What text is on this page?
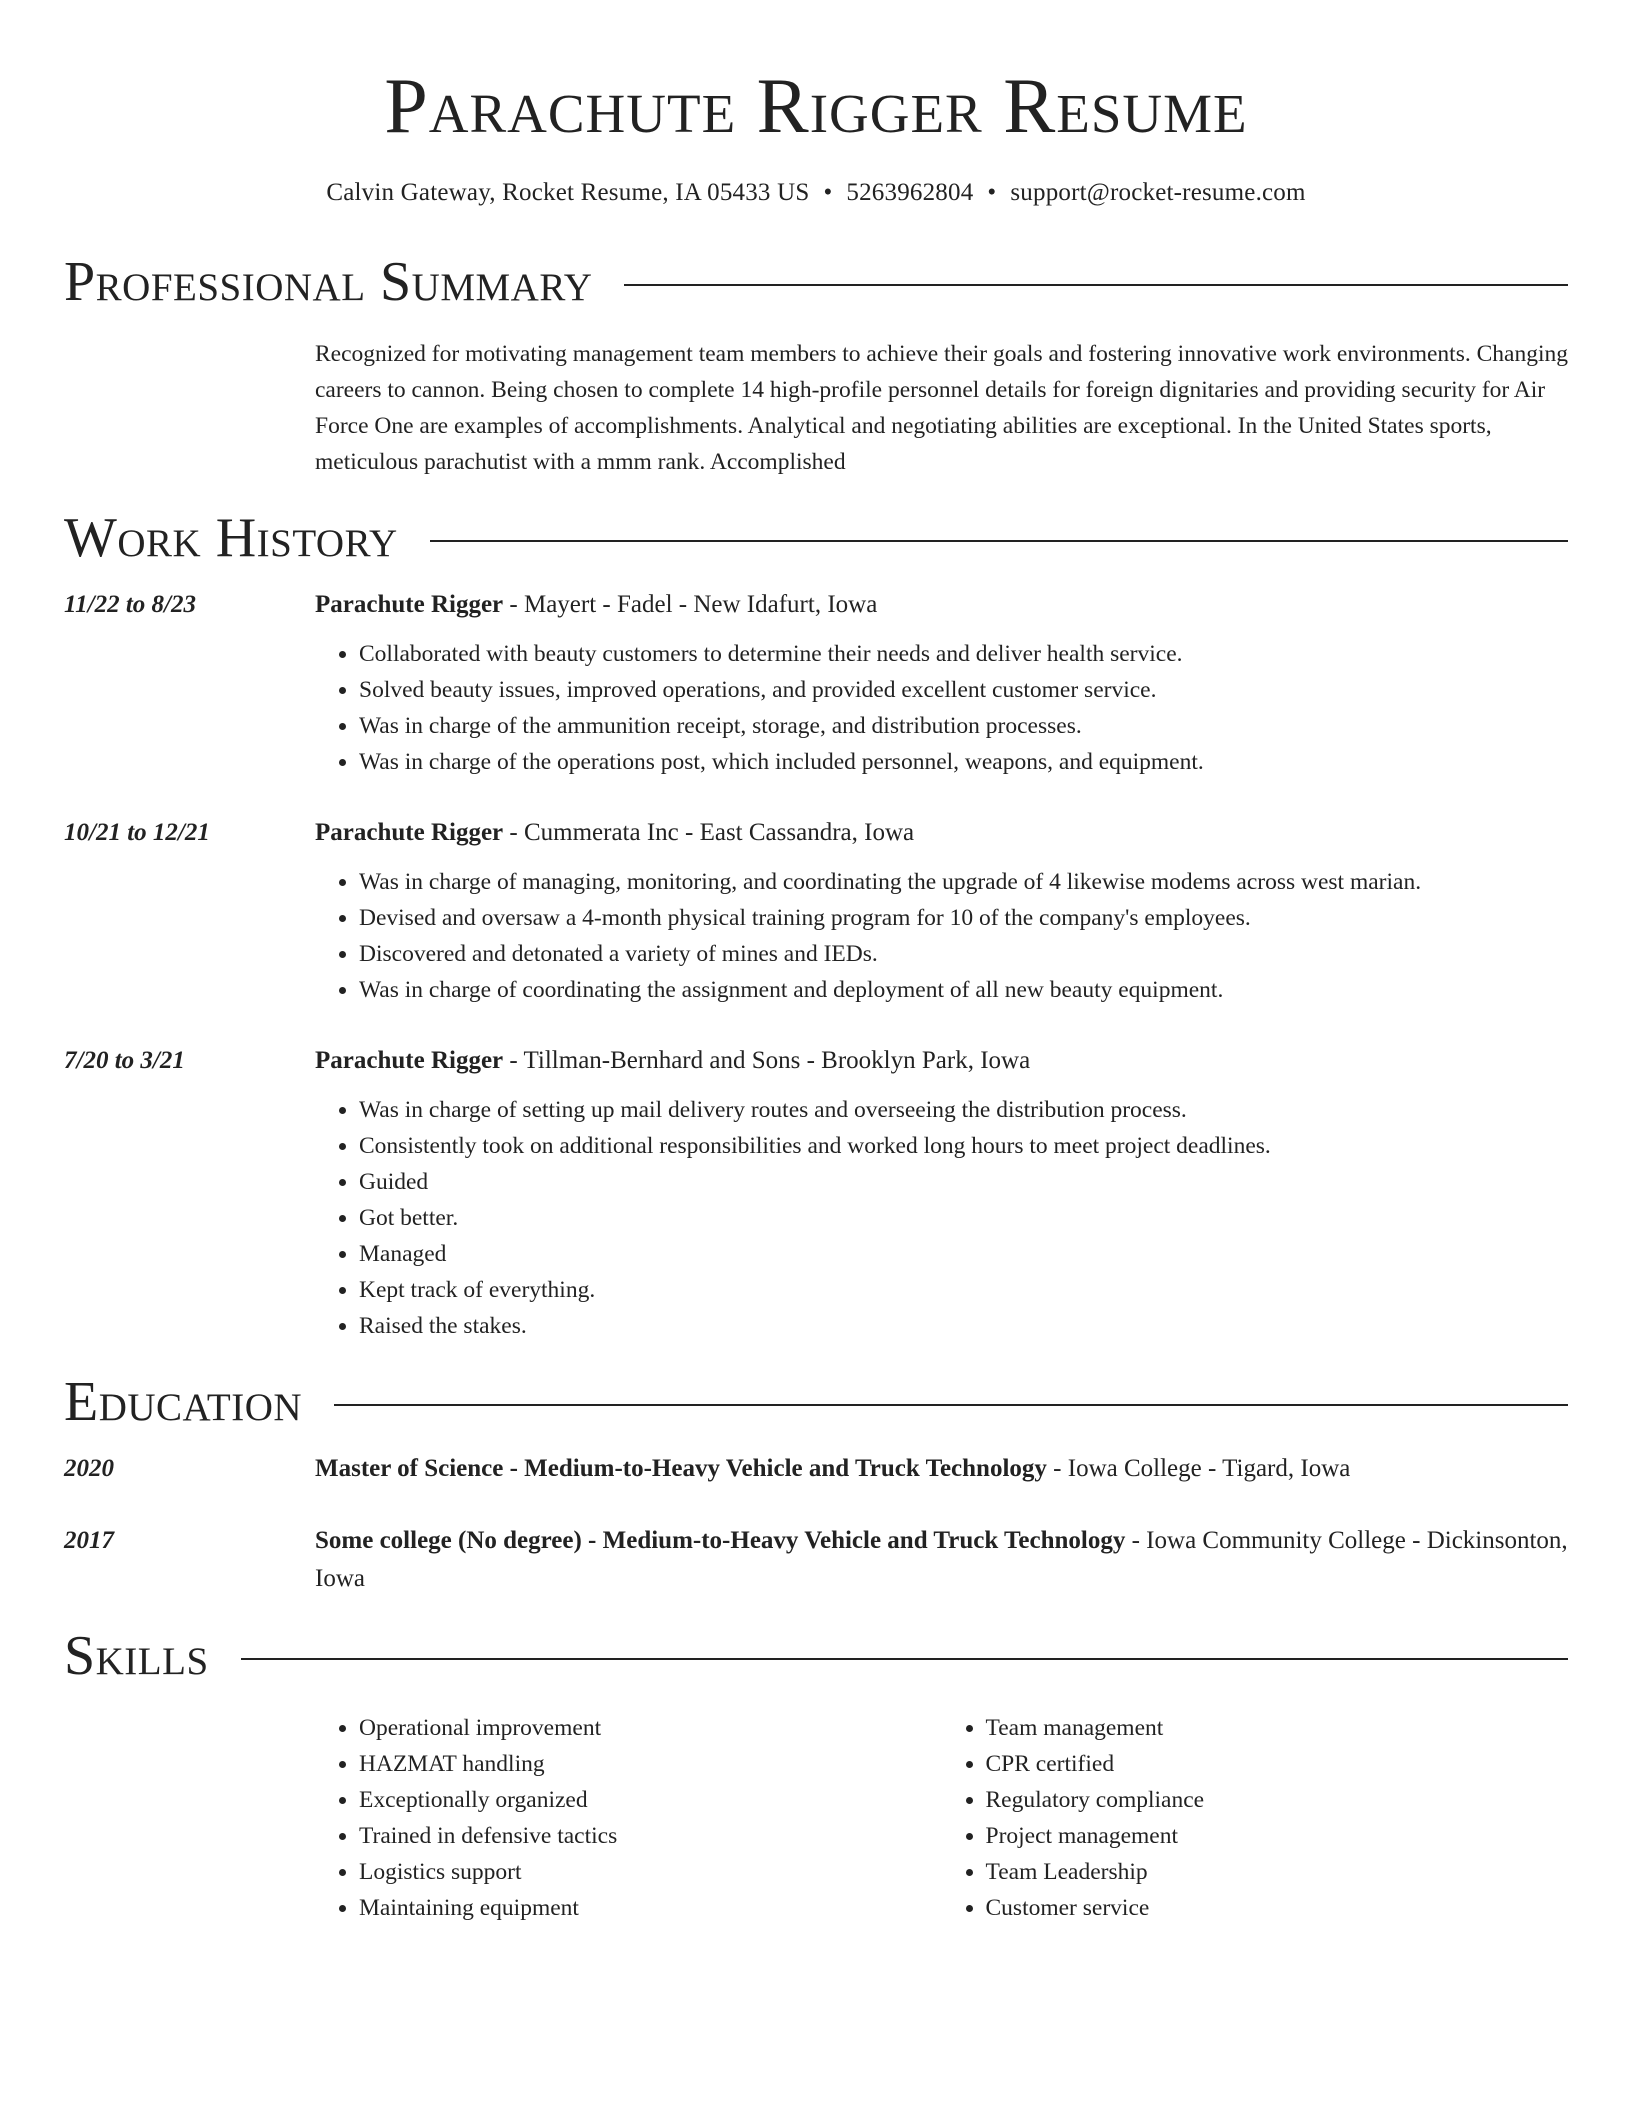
Parachute Rigger Resume
Calvin Gateway, Rocket Resume, IA 05433 US • 5263962804 • support@rocket-resume.com
Professional Summary
Recognized for motivating management team members to achieve their goals and fostering innovative work environments. Changing careers to cannon. Being chosen to complete 14 high-profile personnel details for foreign dignitaries and providing security for Air Force One are examples of accomplishments. Analytical and negotiating abilities are exceptional. In the United States sports, meticulous parachutist with a mmm rank. Accomplished
Work History
11/22 to 8/23	Parachute Rigger - Mayert - Fadel - New Idafurt, Iowa
• Collaborated with beauty customers to determine their needs and deliver health service.
• Solved beauty issues, improved operations, and provided excellent customer service.
• Was in charge of the ammunition receipt, storage, and distribution processes.
• Was in charge of the operations post, which included personnel, weapons, and equipment.
10/21 to 12/21	Parachute Rigger - Cummerata Inc - East Cassandra, Iowa
• Was in charge of managing, monitoring, and coordinating the upgrade of 4 likewise modems across west marian.
• Devised and oversaw a 4-month physical training program for 10 of the company's employees.
• Discovered and detonated a variety of mines and IEDs.
• Was in charge of coordinating the assignment and deployment of all new beauty equipment.
7/20 to 3/21	Parachute Rigger - Tillman-Bernhard and Sons - Brooklyn Park, Iowa
• Was in charge of setting up mail delivery routes and overseeing the distribution process.
• Consistently took on additional responsibilities and worked long hours to meet project deadlines.
• Guided
• Got better.
• Managed
• Kept track of everything.
• Raised the stakes.
Education
2020	Master of Science - Medium-to-Heavy Vehicle and Truck Technology - Iowa College - Tigard, Iowa
2017	Some college (No degree) - Medium-to-Heavy Vehicle and Truck Technology - Iowa Community College - Dickinsonton, Iowa
Skills
• Operational improvement
• HAZMAT handling
• Exceptionally organized
• Trained in defensive tactics
• Logistics support
• Maintaining equipment
• Team management
• CPR certified
• Regulatory compliance
• Project management
• Team Leadership
• Customer service
